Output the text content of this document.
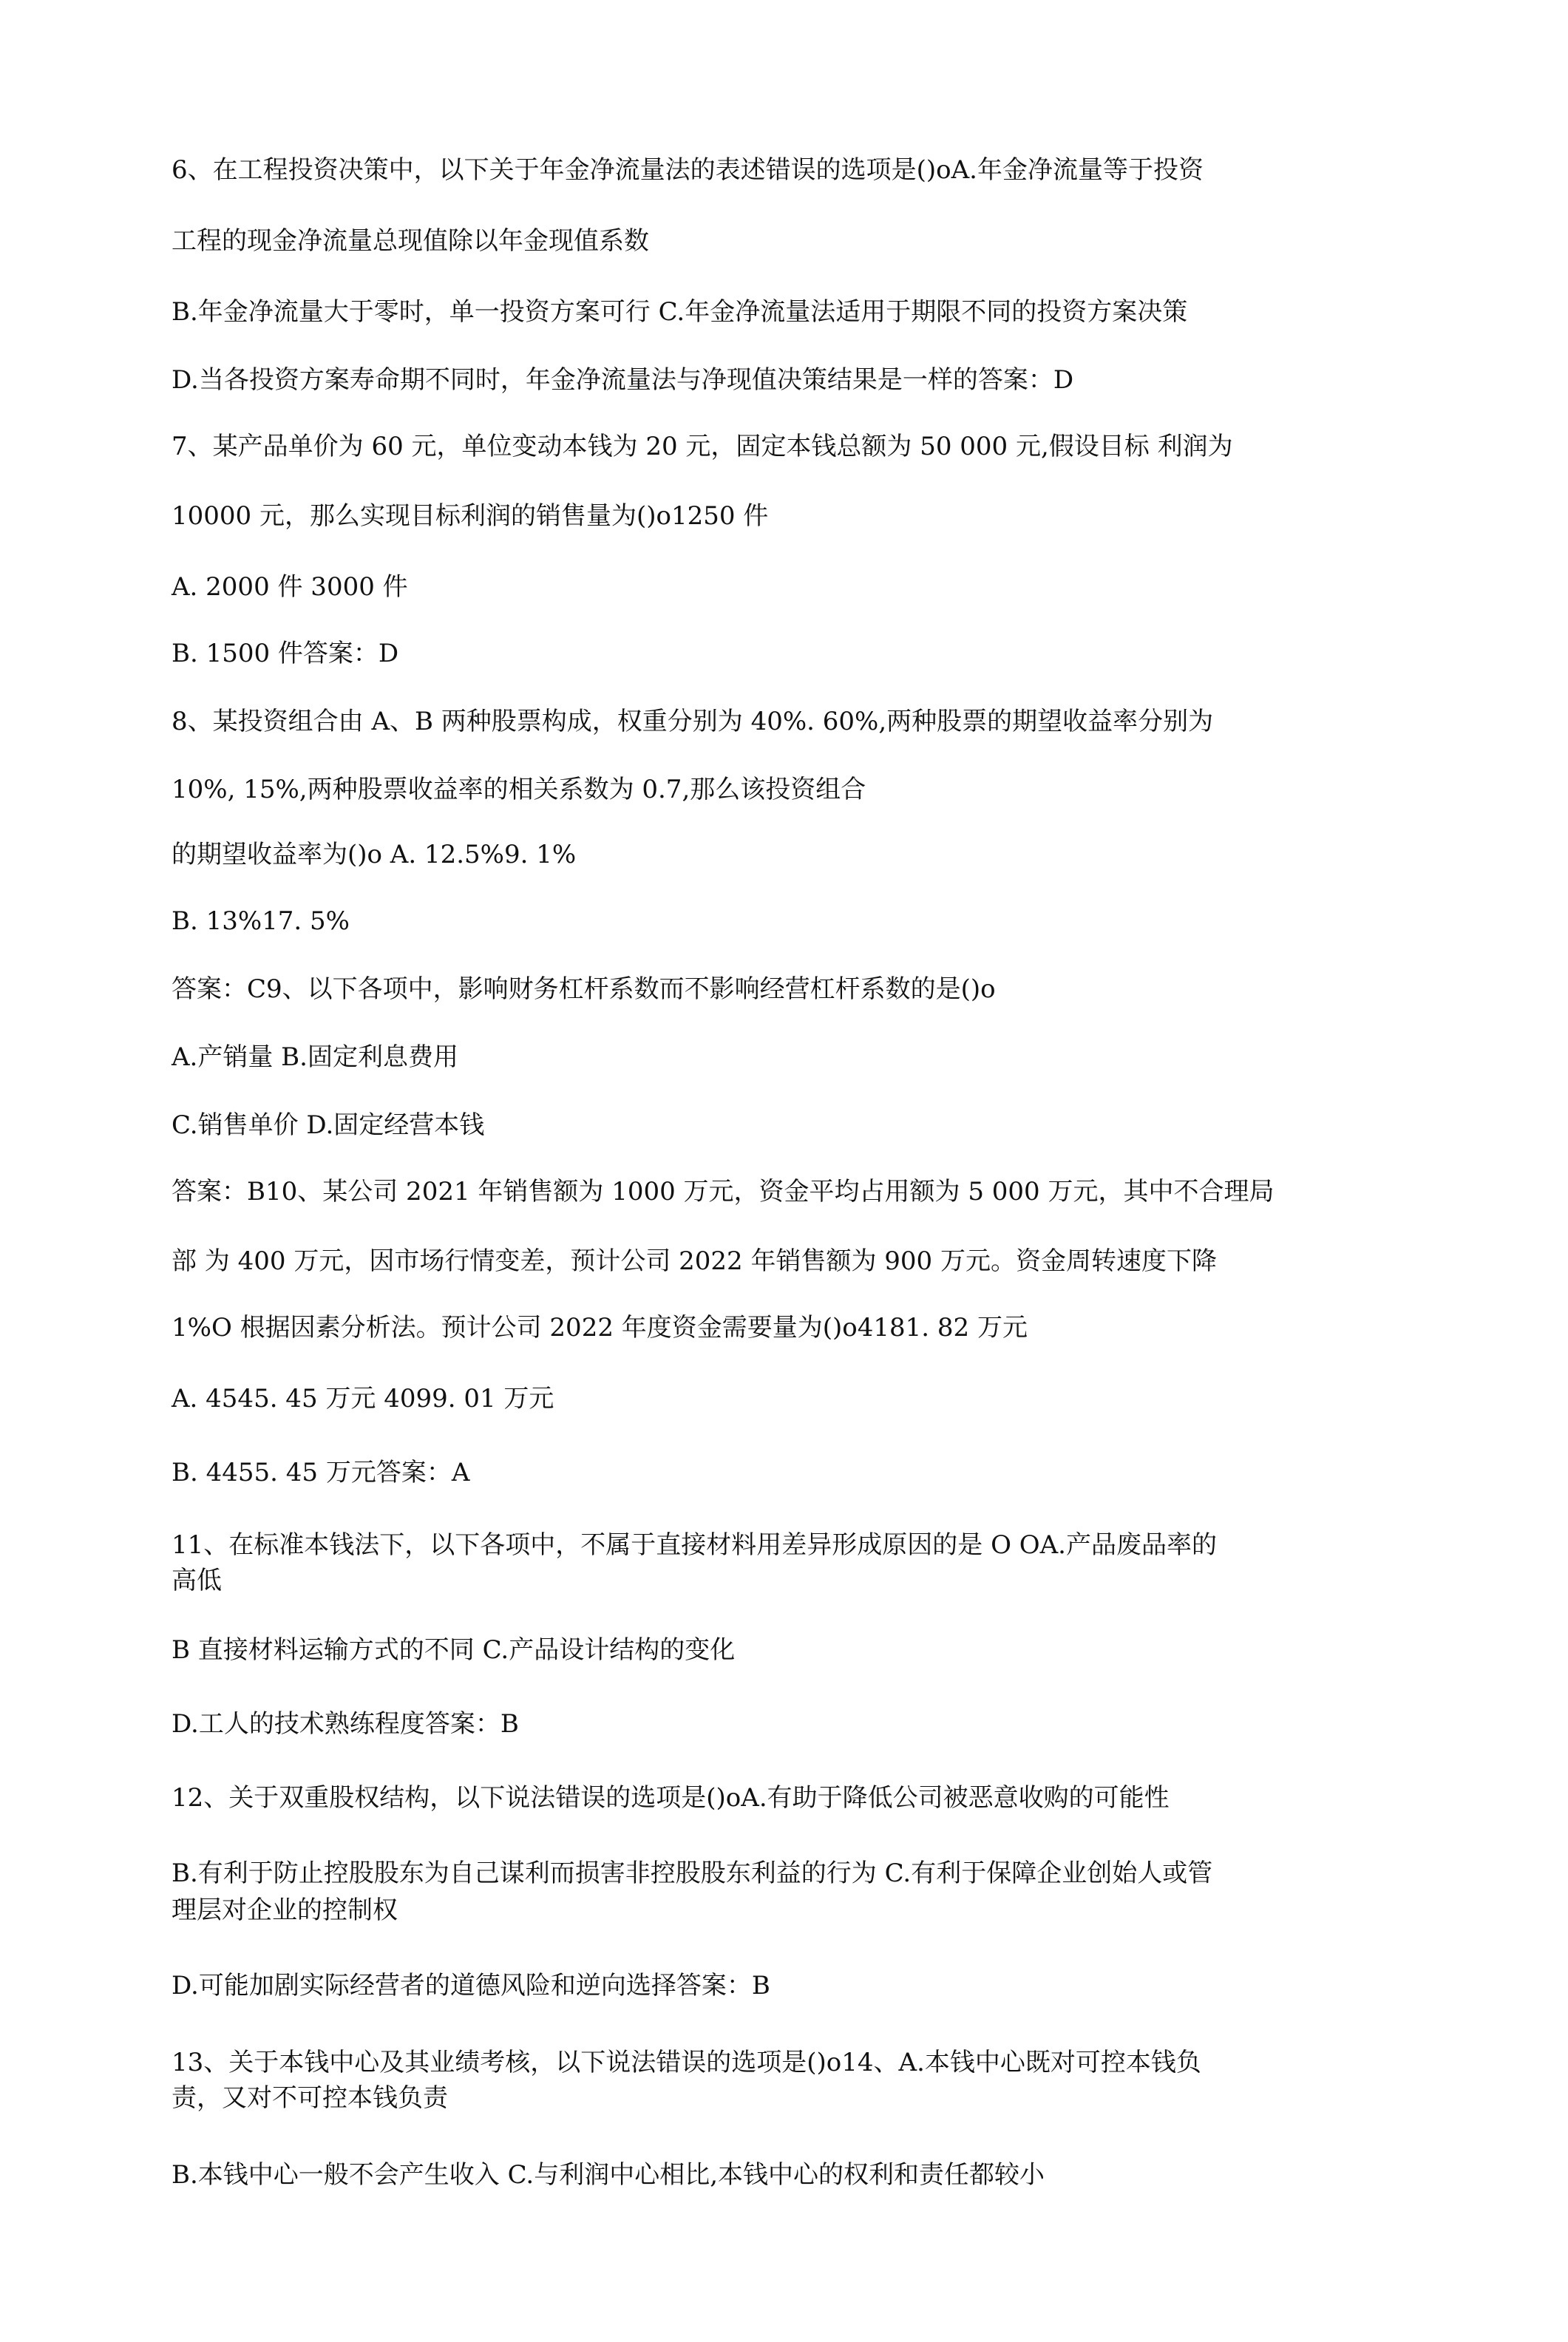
6、在工程投资决策中，以下关于年金净流量法的表述错误的选项是()oA.年金净流量等于投资
工程的现金净流量总现值除以年金现值系数
B.年金净流量大于零时，单一投资方案可行 C.年金净流量法适用于期限不同的投资方案决策
D.当各投资方案寿命期不同时，年金净流量法与净现值决策结果是一样的答案：D
7、某产品单价为 60 元，单位变动本钱为 20 元，固定本钱总额为 50 000 元,假设目标 利润为
10000 元，那么实现目标利润的销售量为()o1250 件
A. 2000 件 3000 件
B. 1500 件答案：D
8、某投资组合由 A、B 两种股票构成，权重分别为 40%. 60%,两种股票的期望收益率分别为
10%, 15%,两种股票收益率的相关系数为 0.7,那么该投资组合
的期望收益率为()o A. 12.5%9. 1%
B. 13%17. 5%
答案：C9、以下各项中，影响财务杠杆系数而不影响经营杠杆系数的是()o
A.产销量 B.固定利息费用
C.销售单价 D.固定经营本钱
答案：B10、某公司 2021 年销售额为 1000 万元，资金平均占用额为 5 000 万元，其中不合理局
部 为 400 万元，因市场行情变差，预计公司 2022 年销售额为 900 万元。资金周转速度下降
1%O 根据因素分析法。预计公司 2022 年度资金需要量为()o4181. 82 万元
A. 4545. 45 万元 4099. 01 万元
B. 4455. 45 万元答案：A
11、在标准本钱法下，以下各项中，不属于直接材料用差异形成原因的是 O OA.产品废品率的
高低
B 直接材料运输方式的不同 C.产品设计结构的变化
D.工人的技术熟练程度答案：B
12、关于双重股权结构，以下说法错误的选项是()oA.有助于降低公司被恶意收购的可能性
B.有利于防止控股股东为自己谋利而损害非控股股东利益的行为 C.有利于保障企业创始人或管
理层对企业的控制权
D.可能加剧实际经营者的道德风险和逆向选择答案：B
13、关于本钱中心及其业绩考核，以下说法错误的选项是()o14、A.本钱中心既对可控本钱负
责，又对不可控本钱负责
B.本钱中心一般不会产生收入 C.与利润中心相比,本钱中心的权利和责任都较小
